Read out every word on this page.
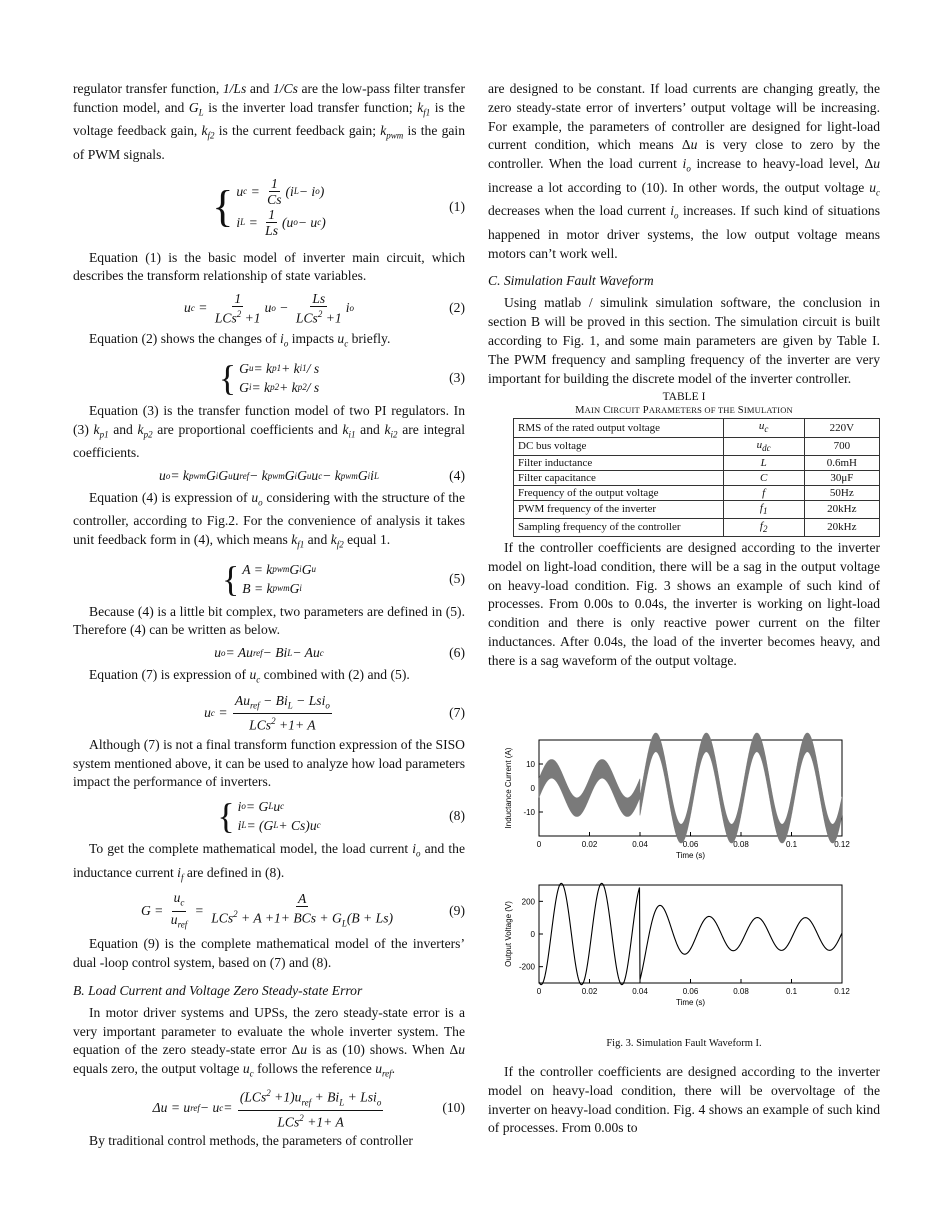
regulator transfer function, 1/Ls and 1/Cs are the low-pass filter transfer function model, and $G_L$ is the inverter load transfer function; $k_{f1}$ is the voltage feedback gain, $k_{f2}$ is the current feedback gain; $k_{pwm}$ is the gain of PWM signals.

{ u $c = \frac{1}{Cs} (i$ L − i o )
i $L = \frac{1}{Ls} (u$ o − u c )
(1)

Equation (1) is the basic model of inverter main circuit, which describes the transform relationship of state variables.

u $c = \frac{1}{LCs^2 +1}$ u $o - \frac{Ls}{LCs^2 +1}$ i o	(2)

Equation (2) shows the changes of $i_o$ impacts $u_c$ briefly.

{ G u = k p1 + k i1 / s
G i = k p2 + k p2 / s
(3)

Equation (3) is the transfer function model of two PI regulators. In (3) $k_{p1}$ and $k_{p2}$ are proportional coefficients and $k_{i1}$ and $k_{i2}$ are integral coefficients.

u o = k pwm G i G u u ref − k pwm G i G u u c − k pwm G i i L	(4)

Equation (4) is expression of $u_o$ considering with the structure of the controller, according to Fig.2. For the convenience of analysis it takes unit feedback form in (4), which means $k_{f1}$ and $k_{f2}$ equal 1.

{ A = k pwm G i G u
B = k pwm G i
(5)

Because (4) is a little bit complex, two parameters are defined in (5). Therefore (4) can be written as below.

u o = Au ref − Bi L − Au c	(6)

Equation (7) is expression of $u_c$ combined with (2) and (5).

u $c = \frac{Au_{ref} - Bi_L - Lsi_o}{LCs^2 +1+ A}$	(7)

Although (7) is not a final transform function expression of the SISO system mentioned above, it can be used to analyze how load parameters impact the performance of inverters.

{ i o = G L u c
i L = (G L + Cs)u c
(8)

To get the complete mathematical model, the load current $i_o$ and the inductance current $i_f$ are defined in (8).

$G = \frac{u_c}{u_{ref}} = \frac{A}{LCs^2 + A +1+ BCs + G_L(B + Ls)}$	(9)

Equation (9) is the complete mathematical model of the inverters’ dual -loop control system, based on (7) and (8).

B. Load Current and Voltage Zero Steady-state Error

In motor driver systems and UPSs, the zero steady-state error is a very important parameter to evaluate the whole inverter system. The equation of the zero steady-state error Δu is as (10) shows. When Δu equals zero, the output voltage $u_c$ follows the reference $u_{ref}$.

Δu = u ref − u $c = \frac{(LCs^2 +1)u_{ref} + Bi_L + Lsi_o}{LCs^2 +1+ A}$	(10)

By traditional control methods, the parameters of controller

are designed to be constant. If load currents are changing greatly, the zero steady-state error of inverters’ output voltage will be increasing. For example, the parameters of controller are designed for light-load current condition, which means Δu is very close to zero by the controller. When the load current $i_o$ increase to heavy-load level, Δu increase a lot according to (10). In other words, the output voltage $u_c$ decreases when the load current $i_o$ increases. If such kind of situations happened in motor driver systems, the low output voltage means motors can’t work well.

C. Simulation Fault Waveform

Using matlab / simulink simulation software, the conclusion in section B will be proved in this section. The simulation circuit is built according to Fig. 1, and some main parameters are given by Table I. The PWM frequency and sampling frequency of the inverter are very important for building the discrete model of the inverter controller.

TABLE I
MAIN CIRCUIT PARAMETERS OF THE SIMULATION
RMS of the rated output voltage	$u_c$	220V
DC bus voltage	$u_{dc}$	700
Filter inductance	L	0.6mH
Filter capacitance	C	30μF
Frequency of the output voltage	f	50Hz
PWM frequency of the inverter	$f_1$	20kHz
Sampling frequency of the controller	$f_2$	20kHz

If the controller coefficients are designed according to the inverter model on light-load condition, there will be a sag in the output voltage on heavy-load condition. Fig. 3 shows an example of such kind of processes. From 0.00s to 0.04s, the inverter is working on light-load condition and there is only reactive power current on the filter inductances. After 0.04s, the load of the inverter becomes heavy, and there is a sag waveform of the output voltage.

0	0.02	0.04	0.06	0.08	0.1	0.12
10
0
-10
Time (s)
Inductance Current (A)
0	0.02	0.04	0.06	0.08	0.1	0.12
200
0
-200
Time (s)
Output Voltage (V)
Fig. 3. Simulation Fault Waveform I.

If the controller coefficients are designed according to the inverter model on heavy-load condition, there will be overvoltage of the inverter on heavy-load condition. Fig. 4 shows an example of such kind of processes. From 0.00s to
